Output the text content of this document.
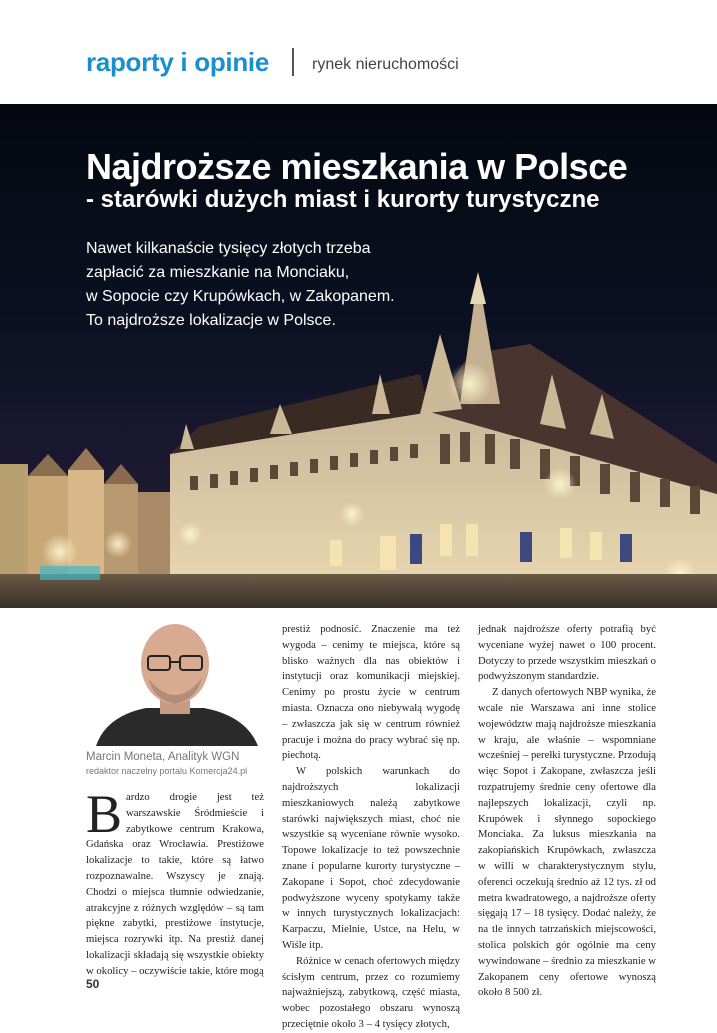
raporty i opinie	rynek nieruchomości
Najdroższe mieszkania w Polsce
- starówki dużych miast i kurorty turystyczne
Nawet kilkanaście tysięcy złotych trzeba
zapłacić za mieszkanie na Monciaku,
w Sopocie czy Krupówkach, w Zakopanem.
To najdroższe lokalizacje w Polsce.
Marcin Moneta, Analityk WGN
redaktor naczelny portalu Komercja24.pl
B ardzo drogie jest też warszawskie Śródmieście i zabytkowe centrum Krakowa, Gdańska oraz Wrocławia. Prestiżowe lokalizacje to takie, które są łatwo rozpoznawalne. Wszyscy je znają. Chodzi o miejsca tłumnie odwiedzanie, atrakcyjne z różnych względów – są tam piękne zabytki, prestiżowe instytucje, miejsca rozrywki itp. Na prestiż danej lokalizacji składają się wszystkie obiekty w okolicy – oczywiście takie, które mogą

prestiż podnosić. Znaczenie ma też wygoda – cenimy te miejsca, które są blisko ważnych dla nas obiektów i instytucji oraz komunikacji miejskiej. Cenimy po prostu życie w centrum miasta. Oznacza ono niebywałą wygodę – zwłaszcza jak się w centrum również pracuje i można do pracy wybrać się np. piechotą.

W polskich warunkach do najdroższych lokalizacji mieszkaniowych należą zabytkowe starówki największych miast, choć nie wszystkie są wyceniane równie wysoko. Topowe lokalizacje to też powszechnie znane i popularne kurorty turystyczne – Zakopane i Sopot, choć zdecydowanie podwyższone wyceny spotykamy także w innych turystycznych lokalizacjach: Karpaczu, Mielnie, Ustce, na Helu, w Wiśle itp.

Różnice w cenach ofertowych między ścisłym centrum, przez co rozumiemy najważniejszą, zabytkową, część miasta, wobec pozostałego obszaru wynoszą przeciętnie około 3 – 4 tysięcy złotych,

jednak najdroższe oferty potrafią być wyceniane wyżej nawet o 100 procent. Dotyczy to przede wszystkim mieszkań o podwyższonym standardzie.

Z danych ofertowych NBP wynika, że wcale nie Warszawa ani inne stolice województw mają najdroższe mieszkania w kraju, ale właśnie – wspomniane wcześniej – perełki turystyczne. Przodują więc Sopot i Zakopane, zwłaszcza jeśli rozpatrujemy średnie ceny ofertowe dla najlepszych lokalizacji, czyli np. Krupówek i słynnego sopockiego Monciaka. Za luksus mieszkania na zakopiańskich Krupówkach, zwłaszcza w willi w charakterystycznym stylu, oferenci oczekują średnio aż 12 tys. zł od metra kwadratowego, a najdroższe oferty sięgają 17 – 18 tysięcy. Dodać należy, że na tle innych tatrzańskich miejscowości, stolica polskich gór ogólnie ma ceny wywindowane – średnio za mieszkanie w Zakopanem ceny ofertowe wynoszą około 8 500 zł.

50
